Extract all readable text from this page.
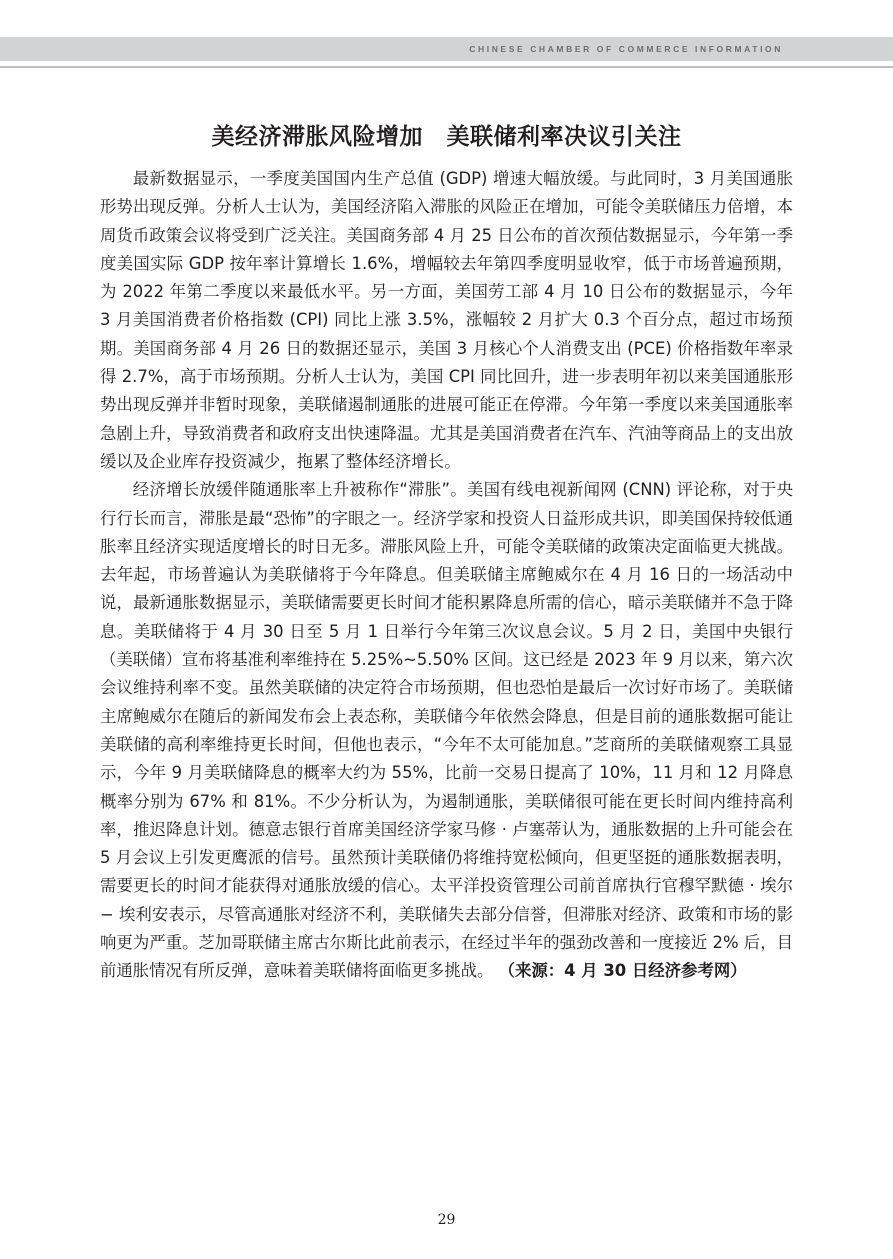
CHINESE CHAMBER OF COMMERCE INFORMATION
美经济滞胀风险增加　美联储利率决议引关注

最新数据显示，一季度美国国内生产总值 (GDP) 增速大幅放缓。与此同时，3 月美国通胀形势出现反弹。分析人士认为，美国经济陷入滞胀的风险正在增加，可能令美联储压力倍增，本周货币政策会议将受到广泛关注。美国商务部 4 月 25 日公布的首次预估数据显示，今年第一季度美国实际 GDP 按年率计算增长 1.6%，增幅较去年第四季度明显收窄，低于市场普遍预期，为 2022 年第二季度以来最低水平。另一方面，美国劳工部 4 月 10 日公布的数据显示，今年 3 月美国消费者价格指数 (CPI) 同比上涨 3.5%，涨幅较 2 月扩大 0.3 个百分点，超过市场预期。美国商务部 4 月 26 日的数据还显示，美国 3 月核心个人消费支出 (PCE) 价格指数年率录得 2.7%，高于市场预期。分析人士认为，美国 CPI 同比回升，进一步表明年初以来美国通胀形势出现反弹并非暂时现象，美联储遏制通胀的进展可能正在停滞。今年第一季度以来美国通胀率急剧上升，导致消费者和政府支出快速降温。尤其是美国消费者在汽车、汽油等商品上的支出放缓以及企业库存投资减少，拖累了整体经济增长。

经济增长放缓伴随通胀率上升被称作“滞胀”。美国有线电视新闻网 (CNN) 评论称，对于央行行长而言，滞胀是最“恐怖”的字眼之一。经济学家和投资人日益形成共识，即美国保持较低通胀率且经济实现适度增长的时日无多。滞胀风险上升，可能令美联储的政策决定面临更大挑战。去年起，市场普遍认为美联储将于今年降息。但美联储主席鲍威尔在 4 月 16 日的一场活动中说，最新通胀数据显示，美联储需要更长时间才能积累降息所需的信心，暗示美联储并不急于降息。美联储将于 4 月 30 日至 5 月 1 日举行今年第三次议息会议。5 月 2 日，美国中央银行（美联储）宣布将基准利率维持在 5.25%~5.50% 区间。这已经是 2023 年 9 月以来，第六次会议维持利率不变。虽然美联储的决定符合市场预期，但也恐怕是最后一次讨好市场了。美联储主席鲍威尔在随后的新闻发布会上表态称，美联储今年依然会降息，但是目前的通胀数据可能让美联储的高利率维持更长时间，但他也表示，“今年不太可能加息。”芝商所的美联储观察工具显示，今年 9 月美联储降息的概率大约为 55%，比前一交易日提高了 10%，11 月和 12 月降息概率分别为 67% 和 81%。不少分析认为，为遏制通胀，美联储很可能在更长时间内维持高利率，推迟降息计划。德意志银行首席美国经济学家马修 · 卢塞蒂认为，通胀数据的上升可能会在 5 月会议上引发更鹰派的信号。虽然预计美联储仍将维持宽松倾向，但更坚挺的通胀数据表明，需要更长的时间才能获得对通胀放缓的信心。太平洋投资管理公司前首席执行官穆罕默德 · 埃尔 − 埃利安表示，尽管高通胀对经济不利，美联储失去部分信誉，但滞胀对经济、政策和市场的影响更为严重。芝加哥联储主席古尔斯比此前表示，在经过半年的强劲改善和一度接近 2% 后，目前通胀情况有所反弹，意味着美联储将面临更多挑战。 （来源：4 月 30 日经济参考网）

29
